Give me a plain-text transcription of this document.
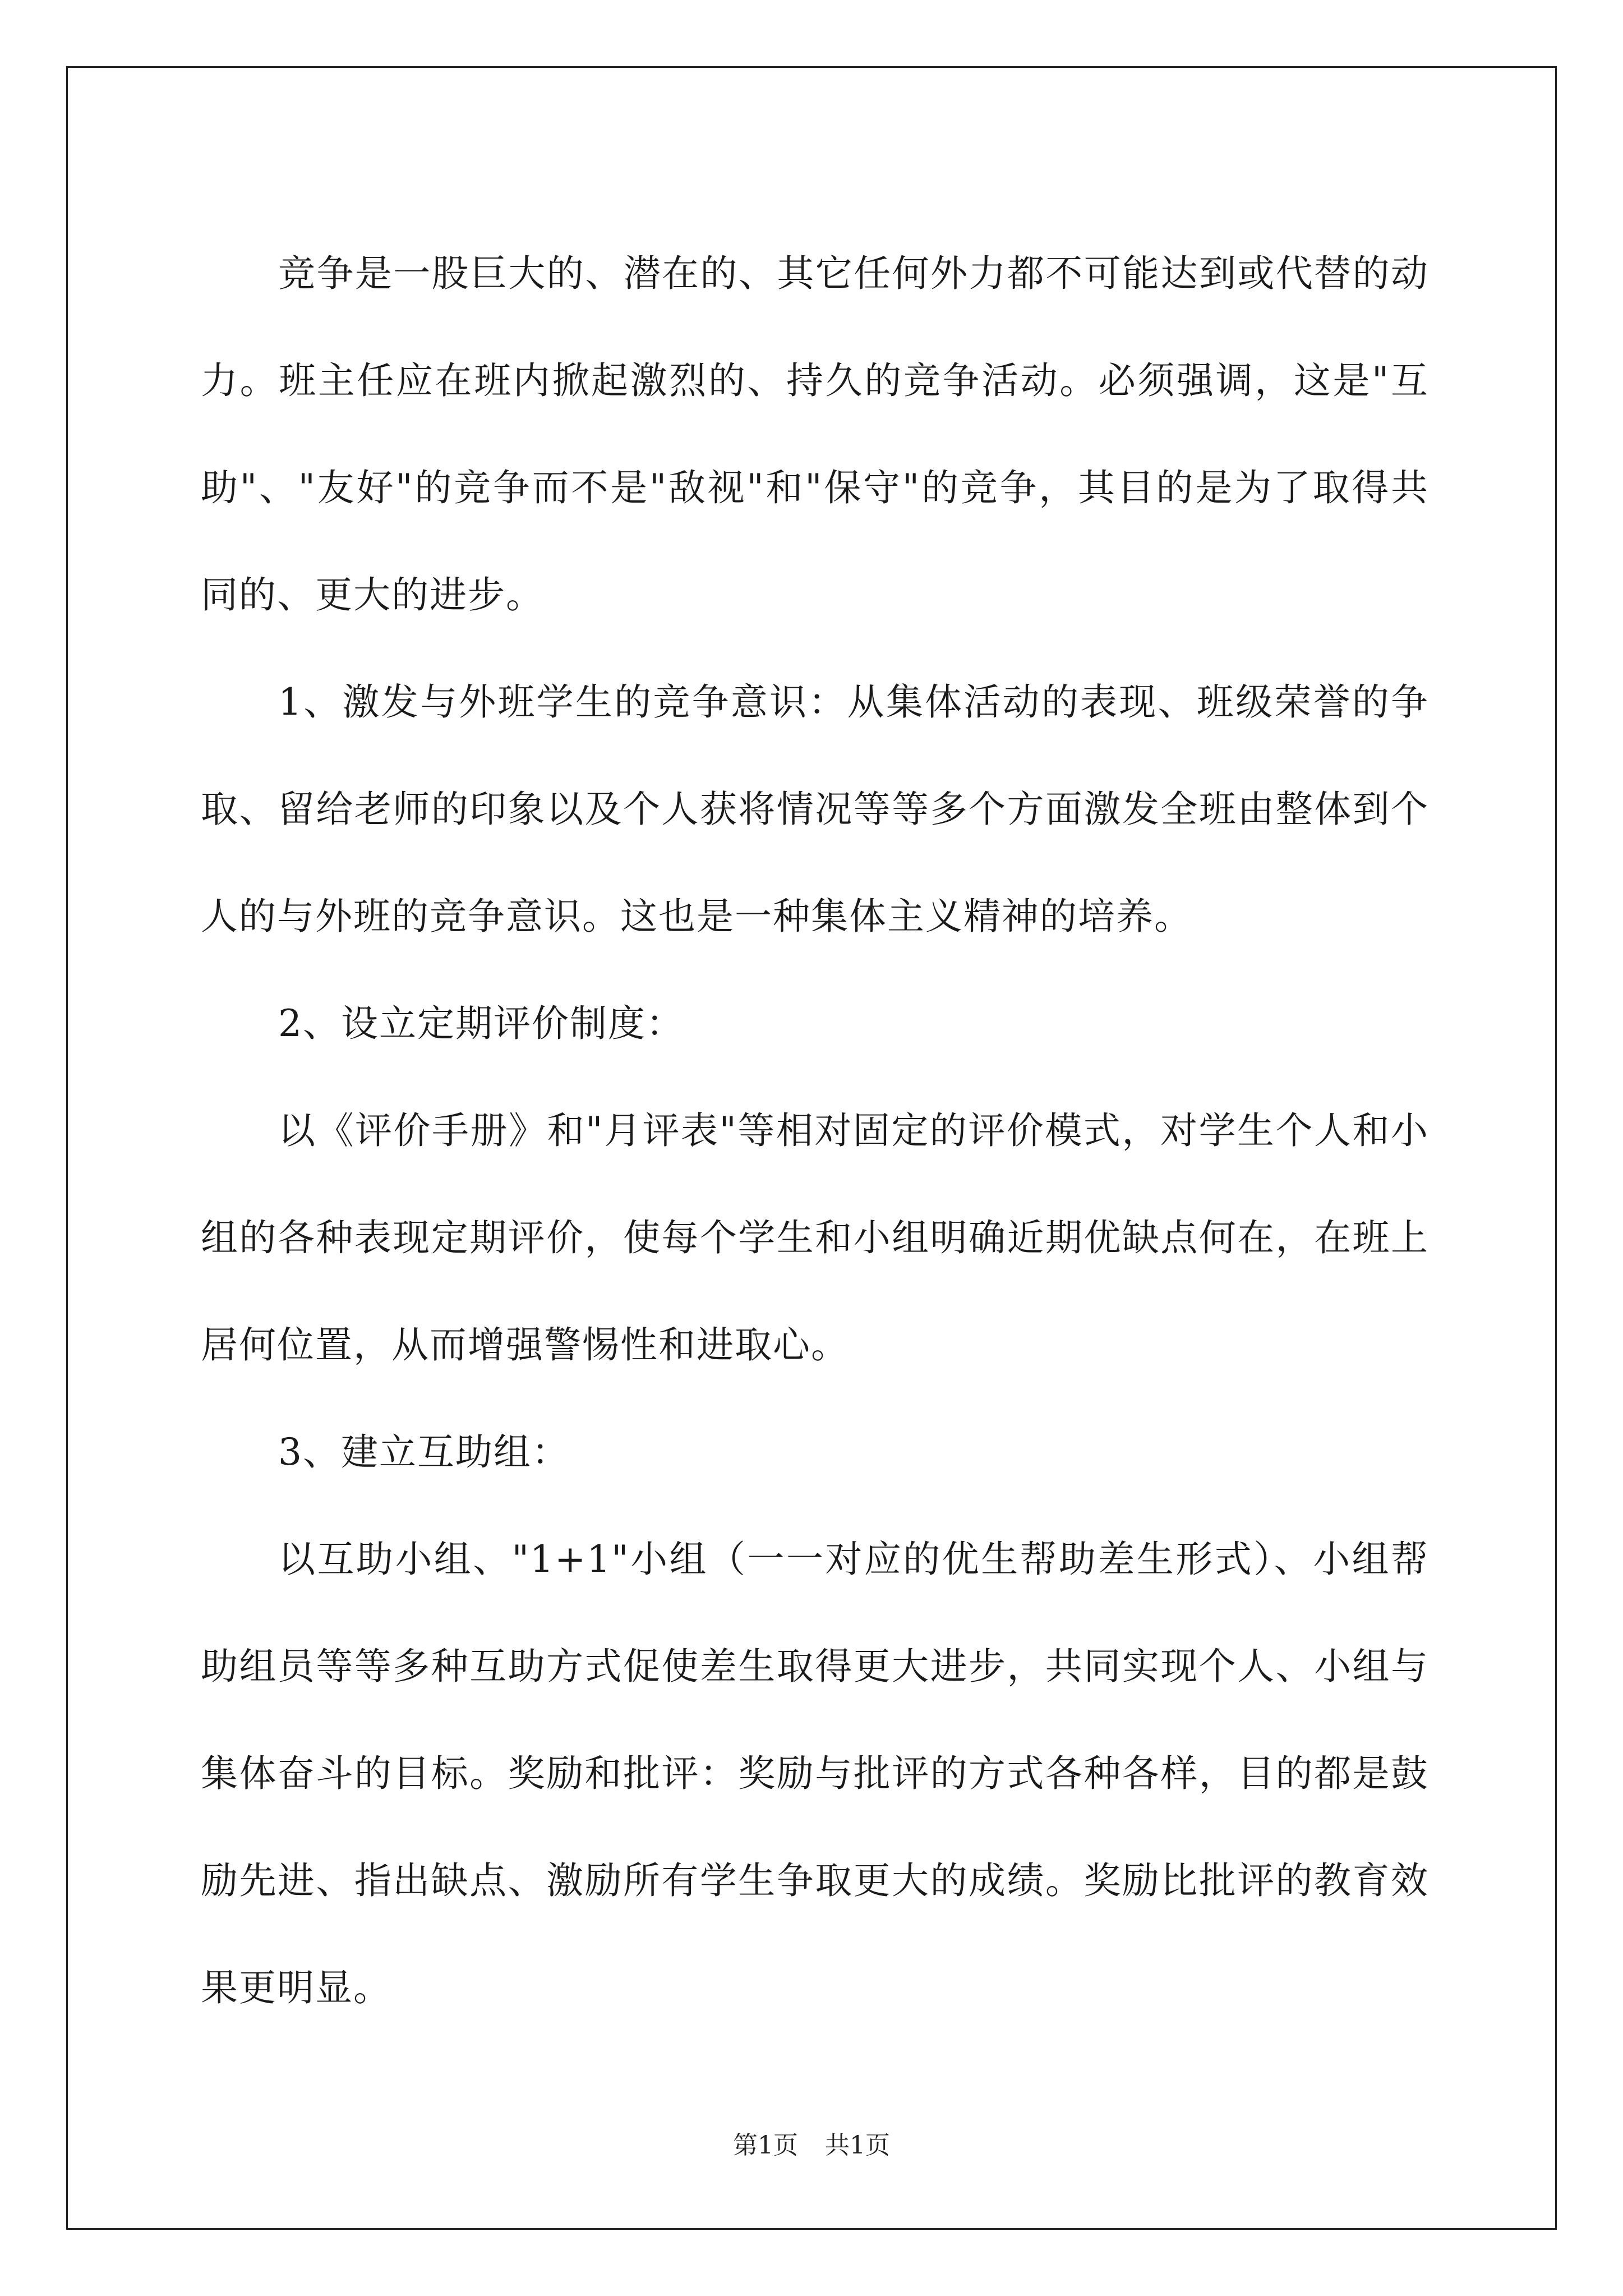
竞争是一股巨大的、潜在的、其它任何外力都不可能达到或代替的动力。班主任应在班内掀起激烈的、持久的竞争活动。必须强调，这是"互助"、"友好"的竞争而不是"敌视"和"保守"的竞争，其目的是为了取得共同的、更大的进步。

1、激发与外班学生的竞争意识：从集体活动的表现、班级荣誉的争取、留给老师的印象以及个人获将情况等等多个方面激发全班由整体到个人的与外班的竞争意识。这也是一种集体主义精神的培养。

2、设立定期评价制度：

以《评价手册》和"月评表"等相对固定的评价模式，对学生个人和小组的各种表现定期评价，使每个学生和小组明确近期优缺点何在，在班上居何位置，从而增强警惕性和进取心。

3、建立互助组：

以互助小组、"1+1"小组（一一对应的优生帮助差生形式）、小组帮助组员等等多种互助方式促使差生取得更大进步，共同实现个人、小组与集体奋斗的目标。奖励和批评：奖励与批评的方式各种各样，目的都是鼓励先进、指出缺点、激励所有学生争取更大的成绩。奖励比批评的教育效果更明显。

第1页 共1页
